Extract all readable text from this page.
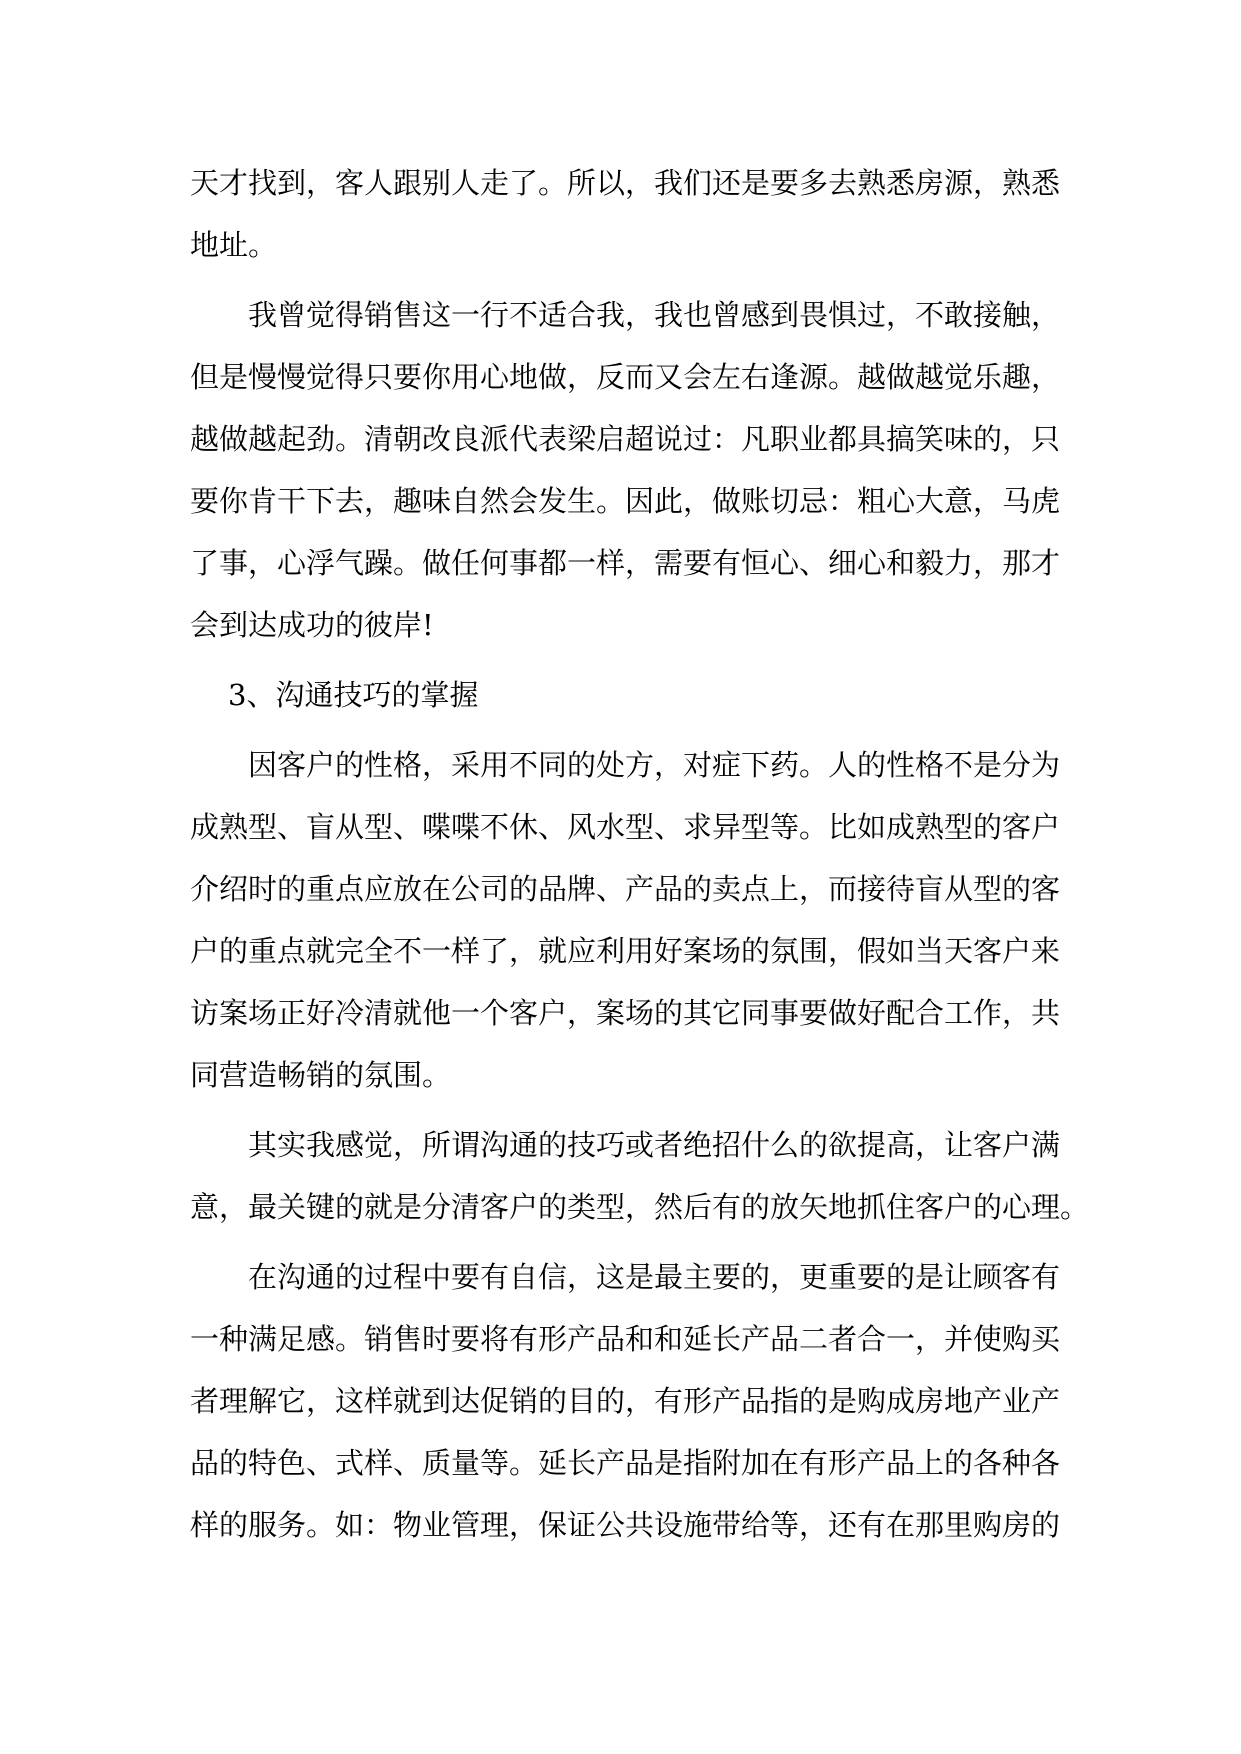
天才找到，客人跟别人走了。所以，我们还是要多去熟悉房源，熟悉
地址。
我曾觉得销售这一行不适合我，我也曾感到畏惧过，不敢接触，
但是慢慢觉得只要你用心地做，反而又会左右逢源。越做越觉乐趣，
越做越起劲。清朝改良派代表梁启超说过：凡职业都具搞笑味的，只
要你肯干下去，趣味自然会发生。因此，做账切忌：粗心大意，马虎
了事，心浮气躁。做任何事都一样，需要有恒心、细心和毅力，那才
会到达成功的彼岸!
3、沟通技巧的掌握
因客户的性格，采用不同的处方，对症下药。人的性格不是分为
成熟型、盲从型、喋喋不休、风水型、求异型等。比如成熟型的客户
介绍时的重点应放在公司的品牌、产品的卖点上，而接待盲从型的客
户的重点就完全不一样了，就应利用好案场的氛围，假如当天客户来
访案场正好冷清就他一个客户，案场的其它同事要做好配合工作，共
同营造畅销的氛围。
其实我感觉，所谓沟通的技巧或者绝招什么的欲提高，让客户满
意，最关键的就是分清客户的类型，然后有的放矢地抓住客户的心理。
在沟通的过程中要有自信，这是最主要的，更重要的是让顾客有
一种满足感。销售时要将有形产品和和延长产品二者合一，并使购买
者理解它，这样就到达促销的目的，有形产品指的是购成房地产业产
品的特色、式样、质量等。延长产品是指附加在有形产品上的各种各
样的服务。如：物业管理，保证公共设施带给等，还有在那里购房的
